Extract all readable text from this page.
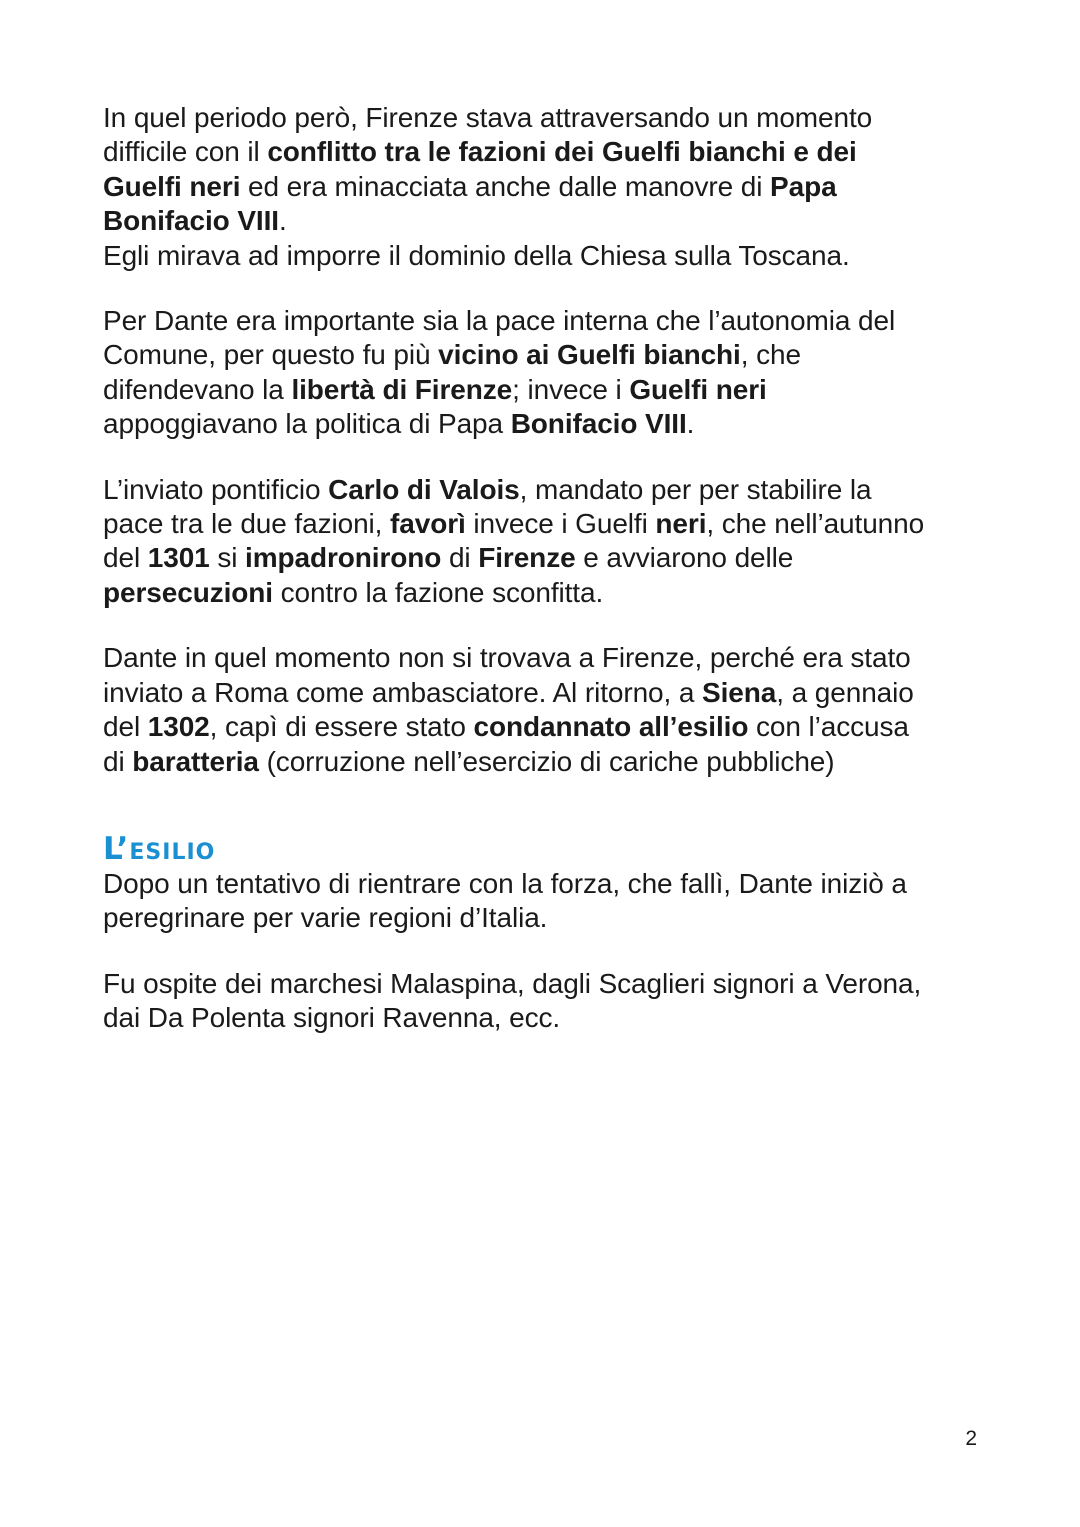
In quel periodo però, Firenze stava attraversando un momento
difficile con il conflitto tra le fazioni dei Guelfi bianchi e dei
Guelfi neri ed era minacciata anche dalle manovre di Papa
Bonifacio VIII.
Egli mirava ad imporre il dominio della Chiesa sulla Toscana.

Per Dante era importante sia la pace interna che l’autonomia del
Comune, per questo fu più vicino ai Guelfi bianchi, che
difendevano la libertà di Firenze; invece i Guelfi neri
appoggiavano la politica di Papa Bonifacio VIII.

L’inviato pontificio Carlo di Valois, mandato per per stabilire la
pace tra le due fazioni, favorì invece i Guelfi neri, che nell’autunno
del 1301 si impadronirono di Firenze e avviarono delle
persecuzioni contro la fazione sconfitta.

Dante in quel momento non si trovava a Firenze, perché era stato
inviato a Roma come ambasciatore. Al ritorno, a Siena, a gennaio
del 1302, capì di essere stato condannato all’esilio con l’accusa
di baratteria (corruzione nell’esercizio di cariche pubbliche)

L’esilio

Dopo un tentativo di rientrare con la forza, che fallì, Dante iniziò a
peregrinare per varie regioni d’Italia.

Fu ospite dei marchesi Malaspina, dagli Scaglieri signori a Verona,
dai Da Polenta signori Ravenna, ecc.

2
